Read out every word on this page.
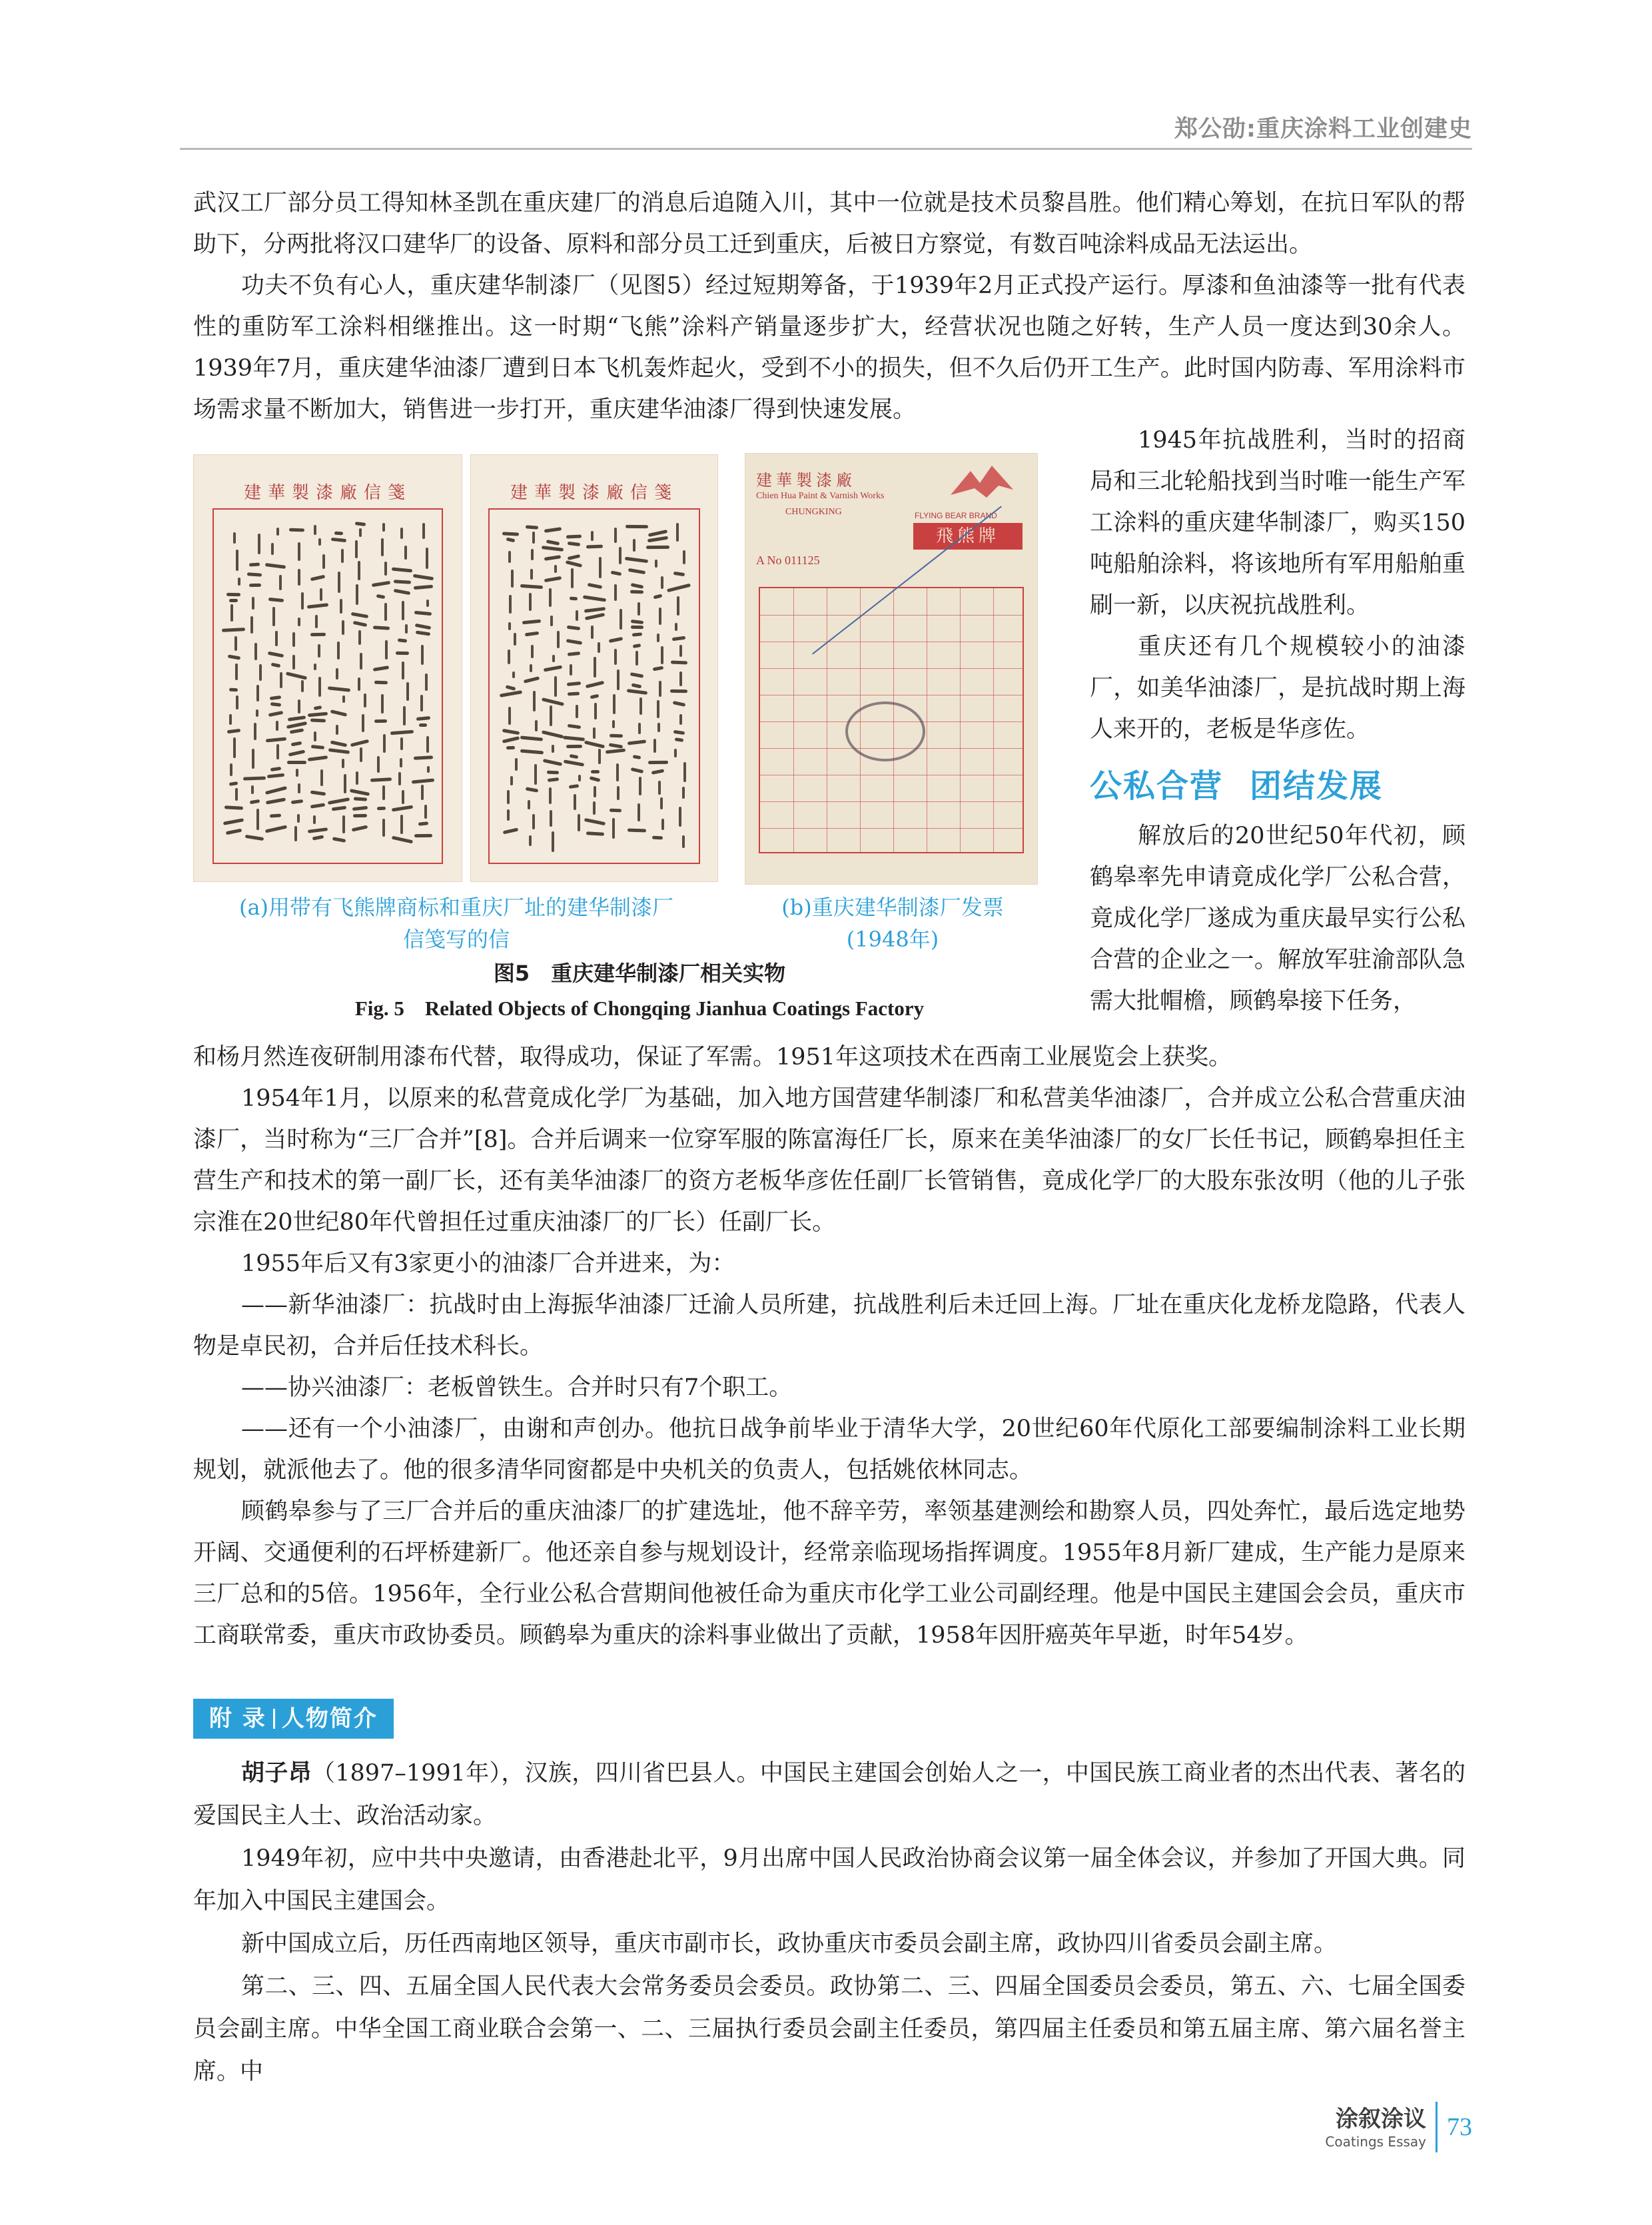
郑公劭:重庆涂料工业创建史

武汉工厂部分员工得知林圣凯在重庆建厂的消息后追随入川，其中一位就是技术员黎昌胜。他们精心筹划，在抗日军队的帮助下，分两批将汉口建华厂的设备、原料和部分员工迁到重庆，后被日方察觉，有数百吨涂料成品无法运出。

功夫不负有心人，重庆建华制漆厂（见图5）经过短期筹备，于1939年2月正式投产运行。厚漆和鱼油漆等一批有代表性的重防军工涂料相继推出。这一时期“飞熊”涂料产销量逐步扩大，经营状况也随之好转，生产人员一度达到30余人。1939年7月，重庆建华油漆厂遭到日本飞机轰炸起火，受到不小的损失，但不久后仍开工生产。此时国内防毒、军用涂料市场需求量不断加大，销售进一步打开，重庆建华油漆厂得到快速发展。

建華製漆廠信箋	建華製漆廠信箋
建華製漆廠
Chien Hua Paint & Varnish Works
CHUNGKING	FLYING BEAR BRAND
飛熊牌
A No 011125
(a)用带有飞熊牌商标和重庆厂址的建华制漆厂
信笺写的信
(b)重庆建华制漆厂发票
(1948年)
图5　重庆建华制漆厂相关实物
Fig. 5　Related Objects of Chongqing Jianhua Coatings Factory

1945年抗战胜利，当时的招商局和三北轮船找到当时唯一能生产军工涂料的重庆建华制漆厂，购买150吨船舶涂料，将该地所有军用船舶重刷一新，以庆祝抗战胜利。

重庆还有几个规模较小的油漆厂，如美华油漆厂，是抗战时期上海人来开的，老板是华彦佐。

公私合营 团结发展

解放后的20世纪50年代初，顾鹤皋率先申请竟成化学厂公私合营，竟成化学厂遂成为重庆最早实行公私合营的企业之一。解放军驻渝部队急需大批帽檐，顾鹤皋接下任务，

和杨月然连夜研制用漆布代替，取得成功，保证了军需。1951年这项技术在西南工业展览会上获奖。

1954年1月，以原来的私营竟成化学厂为基础，加入地方国营建华制漆厂和私营美华油漆厂，合并成立公私合营重庆油漆厂，当时称为“三厂合并”[8]。合并后调来一位穿军服的陈富海任厂长，原来在美华油漆厂的女厂长任书记，顾鹤皋担任主营生产和技术的第一副厂长，还有美华油漆厂的资方老板华彦佐任副厂长管销售，竟成化学厂的大股东张汝明（他的儿子张宗淮在20世纪80年代曾担任过重庆油漆厂的厂长）任副厂长。

1955年后又有3家更小的油漆厂合并进来，为：

——新华油漆厂：抗战时由上海振华油漆厂迁渝人员所建，抗战胜利后未迁回上海。厂址在重庆化龙桥龙隐路，代表人物是卓民初，合并后任技术科长。

——协兴油漆厂：老板曾铁生。合并时只有7个职工。

——还有一个小油漆厂，由谢和声创办。他抗日战争前毕业于清华大学，20世纪60年代原化工部要编制涂料工业长期规划，就派他去了。他的很多清华同窗都是中央机关的负责人，包括姚依林同志。

顾鹤皋参与了三厂合并后的重庆油漆厂的扩建选址，他不辞辛劳，率领基建测绘和勘察人员，四处奔忙，最后选定地势开阔、交通便利的石坪桥建新厂。他还亲自参与规划设计，经常亲临现场指挥调度。1955年8月新厂建成，生产能力是原来三厂总和的5倍。1956年，全行业公私合营期间他被任命为重庆市化学工业公司副经理。他是中国民主建国会会员，重庆市工商联常委，重庆市政协委员。顾鹤皋为重庆的涂料事业做出了贡献，1958年因肝癌英年早逝，时年54岁。

附 录 人物简介

胡子昂（1897–1991年），汉族，四川省巴县人。中国民主建国会创始人之一，中国民族工商业者的杰出代表、著名的爱国民主人士、政治活动家。

1949年初，应中共中央邀请，由香港赴北平，9月出席中国人民政治协商会议第一届全体会议，并参加了开国大典。同年加入中国民主建国会。

新中国成立后，历任西南地区领导，重庆市副市长，政协重庆市委员会副主席，政协四川省委员会副主席。

第二、三、四、五届全国人民代表大会常务委员会委员。政协第二、三、四届全国委员会委员，第五、六、七届全国委员会副主席。中华全国工商业联合会第一、二、三届执行委员会副主任委员，第四届主任委员和第五届主席、第六届名誉主席。中

涂叙涂议
Coatings Essay
73
